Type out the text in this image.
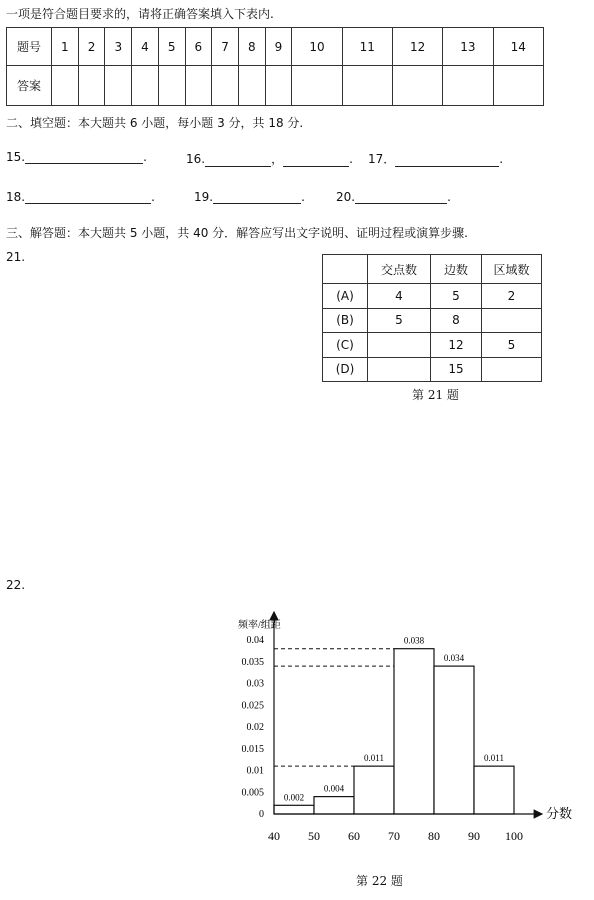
一项是符合题目要求的，请将正确答案填入下表内.
题号	1	2	3	4	5	6	7	8	9	10	11	12	13	14
答案														
二、填空题：本大题共 6 小题，每小题 3 分，共 18 分.
15.	.	16.	，	. 17．	.
18.	.	19.	.	20.	.
三、解答题：本大题共 5 小题，共 40 分．解答应写出文字说明、证明过程或演算步骤.
21.
	交点数	边数	区域数
(A)	4	5	2
(B)	5	8	
(C)		12	5
(D)		15	
第 21 题
22.
0
0.005
0.01
0.015
0.02
0.025
0.03
0.035
0.04
40 50 60 70 80 90 100
0.002
0.004
0.011
0.038
0.034
0.011
频率/组距
分数
第 22 题
